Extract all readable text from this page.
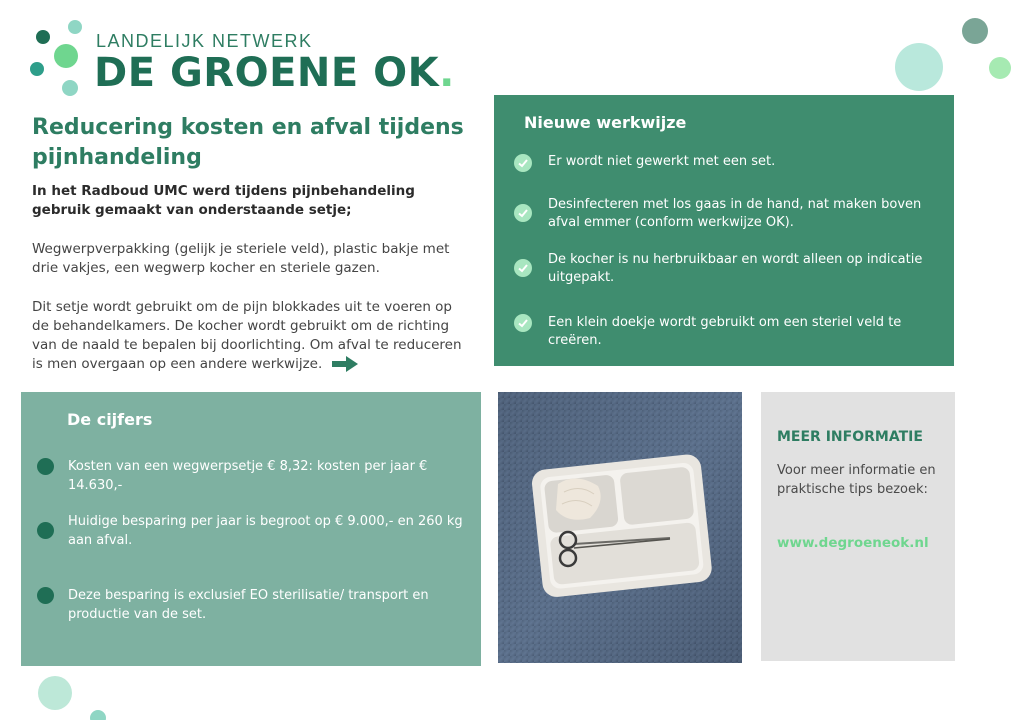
LANDELIJK NETWERK
DE GROENE OK.
Reducering kosten en afval tijdens pijnhandeling

In het Radboud UMC werd tijdens pijnbehandeling gebruik gemaakt van onderstaande setje;

Wegwerpverpakking (gelijk je steriele veld), plastic bakje met drie vakjes, een wegwerp kocher en steriele gazen.

Dit setje wordt gebruikt om de pijn blokkades uit te voeren op de behandelkamers. De kocher wordt gebruikt om de richting van de naald te bepalen bij doorlichting. Om afval te reduceren is men overgaan op een andere werkwijze.

Nieuwe werkwijze
Er wordt niet gewerkt met een set.
Desinfecteren met los gaas in de hand, nat maken boven afval emmer (conform werkwijze OK).
De kocher is nu herbruikbaar en wordt alleen op indicatie uitgepakt.
Een klein doekje wordt gebruikt om een steriel veld te creëren.
De cijfers
Kosten van een wegwerpsetje € 8,32: kosten per jaar € 14.630,-
Huidige besparing per jaar is begroot op € 9.000,- en 260 kg aan afval.
Deze besparing is exclusief EO sterilisatie/ transport en productie van de set.
MEER INFORMATIE

Voor meer informatie en praktische tips bezoek:

www.degroeneok.nl
